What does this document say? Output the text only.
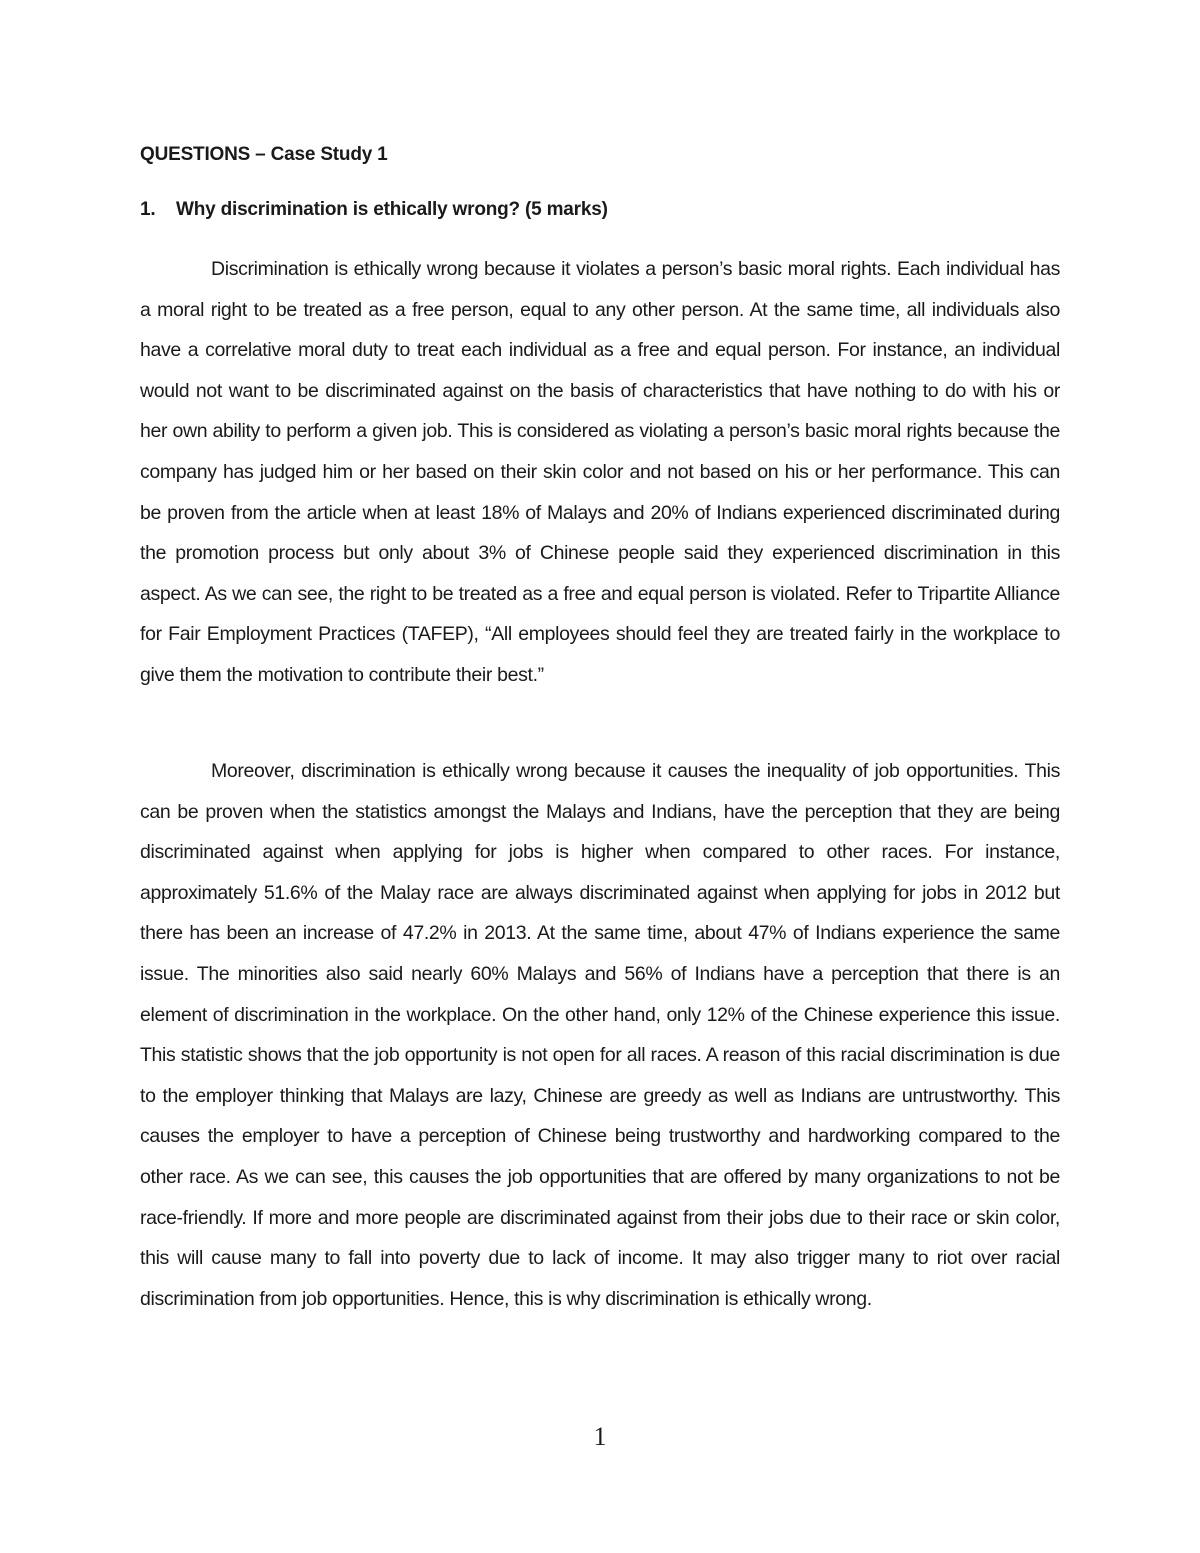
QUESTIONS – Case Study 1
1. Why discrimination is ethically wrong? (5 marks)

Discrimination is ethically wrong because it violates a person’s basic moral rights. Each individual has a moral right to be treated as a free person, equal to any other person. At the same time, all individuals also have a correlative moral duty to treat each individual as a free and equal person. For instance, an individual would not want to be discriminated against on the basis of characteristics that have nothing to do with his or her own ability to perform a given job. This is considered as violating a person’s basic moral rights because the company has judged him or her based on their skin color and not based on his or her performance. This can be proven from the article when at least 18% of Malays and 20% of Indians experienced discriminated during the promotion process but only about 3% of Chinese people said they experienced discrimination in this aspect. As we can see, the right to be treated as a free and equal person is violated. Refer to Tripartite Alliance for Fair Employment Practices (TAFEP), “All employees should feel they are treated fairly in the workplace to give them the motivation to contribute their best.”

Moreover, discrimination is ethically wrong because it causes the inequality of job opportunities. This can be proven when the statistics amongst the Malays and Indians, have the perception that they are being discriminated against when applying for jobs is higher when compared to other races. For instance, approximately 51.6% of the Malay race are always discriminated against when applying for jobs in 2012 but there has been an increase of 47.2% in 2013. At the same time, about 47% of Indians experience the same issue. The minorities also said nearly 60% Malays and 56% of Indians have a perception that there is an element of discrimination in the workplace. On the other hand, only 12% of the Chinese experience this issue. This statistic shows that the job opportunity is not open for all races. A reason of this racial discrimination is due to the employer thinking that Malays are lazy, Chinese are greedy as well as Indians are untrustworthy. This causes the employer to have a perception of Chinese being trustworthy and hardworking compared to the other race. As we can see, this causes the job opportunities that are offered by many organizations to not be race-friendly. If more and more people are discriminated against from their jobs due to their race or skin color, this will cause many to fall into poverty due to lack of income. It may also trigger many to riot over racial discrimination from job opportunities. Hence, this is why discrimination is ethically wrong.

1
